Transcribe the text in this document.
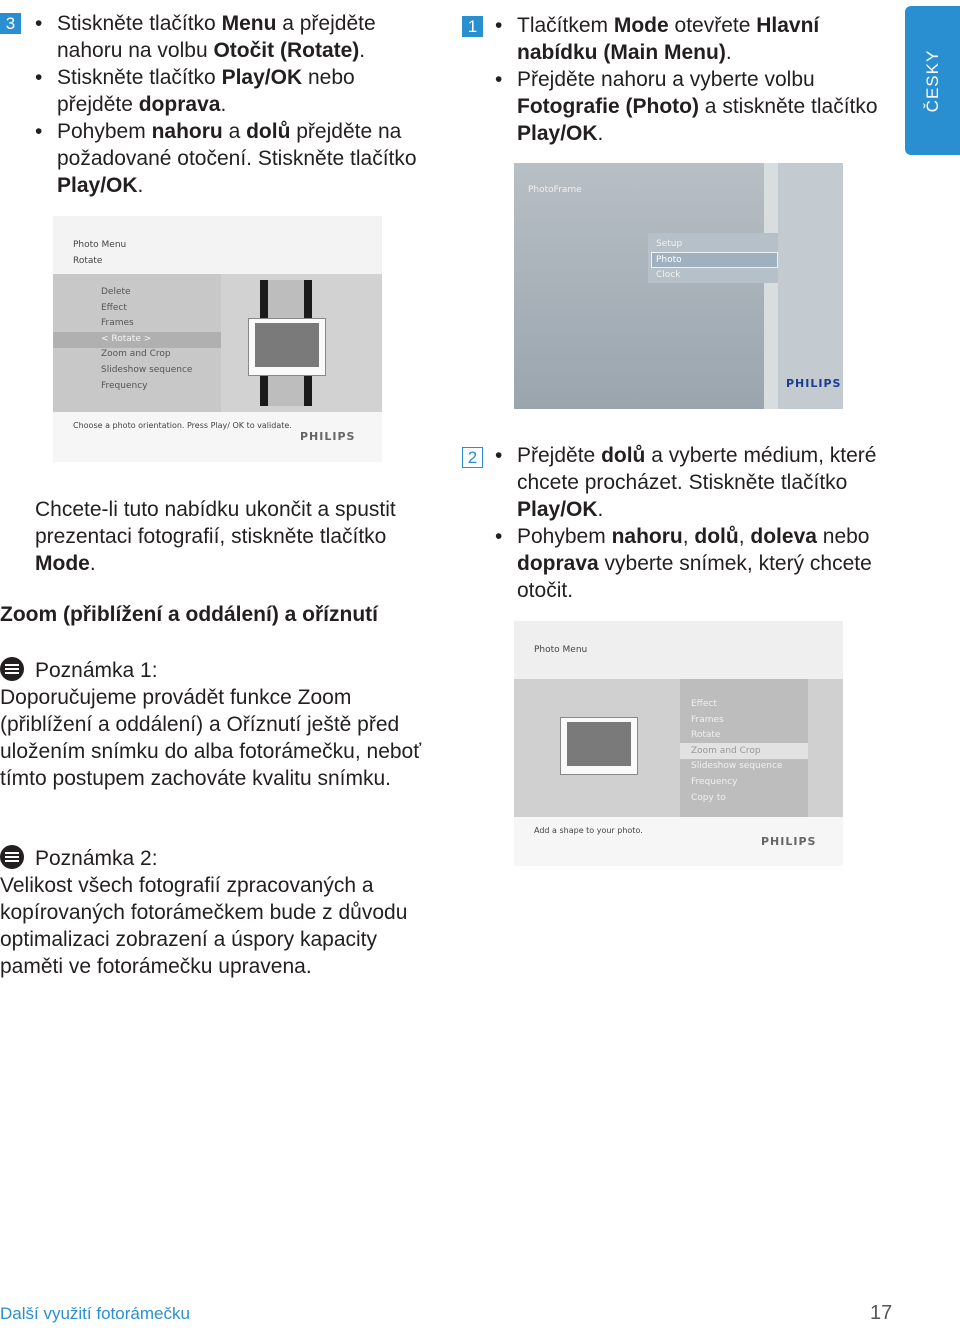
ČESKY
3	• Stiskněte tlačítko Menu a přejděte nahoru na volbu Otočit (Rotate).
• Stiskněte tlačítko Play/OK nebo přejděte doprava.
• Pohybem nahoru a dolů přejděte na požadované otočení. Stiskněte tlačítko Play/OK.
1	• Tlačítkem Mode otevřete Hlavní nabídku (Main Menu).
• Přejděte nahoru a vyberte volbu Fotografie (Photo) a stiskněte tlačítko Play/OK.
Photo Menu
Rotate
Delete
Effect
Frames
< Rotate >
Zoom and Crop
Slideshow sequence
Frequency
Choose a photo orientation. Press Play/ OK to validate.
PHILIPS
PhotoFrame
Setup
Photo
Clock
PHILIPS
Chcete-li tuto nabídku ukončit a spustit prezentaci fotografií, stiskněte tlačítko Mode.
Zoom (přiblížení a oddálení) a oříznutí
Poznámka 1:
Doporučujeme provádět funkce Zoom (přiblížení a oddálení) a Oříznutí ještě před uložením snímku do alba fotorámečku, neboť tímto postupem zachováte kvalitu snímku.
Poznámka 2:
Velikost všech fotografií zpracovaných a kopírovaných fotorámečkem bude z důvodu optimalizaci zobrazení a úspory kapacity paměti ve fotorámečku upravena.
2	• Přejděte dolů a vyberte médium, které chcete procházet. Stiskněte tlačítko Play/OK.
• Pohybem nahoru, dolů, doleva nebo doprava vyberte snímek, který chcete otočit.
Photo Menu
Effect
Frames
Rotate
Zoom and Crop
Slideshow sequence
Frequency
Copy to
Add a shape to your photo.
PHILIPS
Další využití fotorámečku	17
